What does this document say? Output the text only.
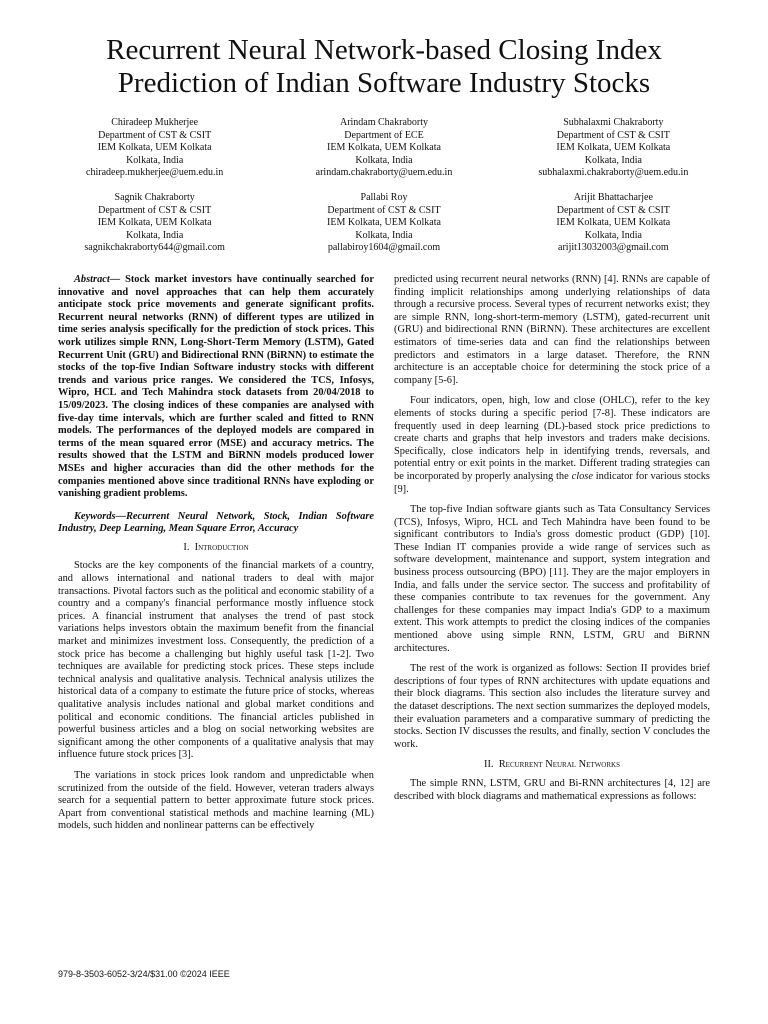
Recurrent Neural Network-based Closing Index
Prediction of Indian Software Industry Stocks
Chiradeep Mukherjee
Department of CST & CSIT
IEM Kolkata, UEM Kolkata
Kolkata, India
chiradeep.mukherjee@uem.edu.in
Arindam Chakraborty
Department of ECE
IEM Kolkata, UEM Kolkata
Kolkata, India
arindam.chakraborty@uem.edu.in
Subhalaxmi Chakraborty
Department of CST & CSIT
IEM Kolkata, UEM Kolkata
Kolkata, India
subhalaxmi.chakraborty@uem.edu.in
Sagnik Chakraborty
Department of CST & CSIT
IEM Kolkata, UEM Kolkata
Kolkata, India
sagnikchakraborty644@gmail.com
Pallabi Roy
Department of CST & CSIT
IEM Kolkata, UEM Kolkata
Kolkata, India
pallabiroy1604@gmail.com
Arijit Bhattacharjee
Department of CST & CSIT
IEM Kolkata, UEM Kolkata
Kolkata, India
arijit13032003@gmail.com

Abstract— Stock market investors have continually searched for innovative and novel approaches that can help them accurately anticipate stock price movements and generate significant profits. Recurrent neural networks (RNN) of different types are utilized in time series analysis specifically for the prediction of stock prices. This work utilizes simple RNN, Long-Short-Term Memory (LSTM), Gated Recurrent Unit (GRU) and Bidirectional RNN (BiRNN) to estimate the stocks of the top-five Indian Software industry stocks with different trends and various price ranges. We considered the TCS, Infosys, Wipro, HCL and Tech Mahindra stock datasets from 20/04/2018 to 15/09/2023. The closing indices of these companies are analysed with five-day time intervals, which are further scaled and fitted to RNN models. The performances of the deployed models are compared in terms of the mean squared error (MSE) and accuracy metrics. The results showed that the LSTM and BiRNN models produced lower MSEs and higher accuracies than did the other methods for the companies mentioned above since traditional RNNs have exploding or vanishing gradient problems.

Keywords—Recurrent Neural Network, Stock, Indian Software Industry, Deep Learning, Mean Square Error, Accuracy

I. Introduction

Stocks are the key components of the financial markets of a country, and allows international and national traders to deal with major transactions. Pivotal factors such as the political and economic stability of a country and a company's financial performance mostly influence stock prices. A financial instrument that analyses the trend of past stock variations helps investors obtain the maximum benefit from the financial market and minimizes investment loss. Consequently, the prediction of a stock price has become a challenging but highly useful task [1-2]. Two techniques are available for predicting stock prices. These steps include technical analysis and qualitative analysis. Technical analysis utilizes the historical data of a company to estimate the future price of stocks, whereas qualitative analysis includes national and global market conditions and political and economic conditions. The financial articles published in powerful business articles and a blog on social networking websites are significant among the other components of a qualitative analysis that may influence future stock prices [3].

The variations in stock prices look random and unpredictable when scrutinized from the outside of the field. However, veteran traders always search for a sequential pattern to better approximate future stock prices. Apart from conventional statistical methods and machine learning (ML) models, such hidden and nonlinear patterns can be effectively

predicted using recurrent neural networks (RNN) [4]. RNNs are capable of finding implicit relationships among underlying relationships of data through a recursive process. Several types of recurrent networks exist; they are simple RNN, long-short-term-memory (LSTM), gated-recurrent unit (GRU) and bidirectional RNN (BiRNN). These architectures are excellent estimators of time-series data and can find the relationships between predictors and estimators in a large dataset. Therefore, the RNN architecture is an acceptable choice for determining the stock price of a company [5-6].

Four indicators, open, high, low and close (OHLC), refer to the key elements of stocks during a specific period [7-8]. These indicators are frequently used in deep learning (DL)-based stock price predictions to create charts and graphs that help investors and traders make decisions. Specifically, close indicators help in identifying trends, reversals, and potential entry or exit points in the market. Different trading strategies can be incorporated by properly analysing the close indicator for various stocks [9].

The top-five Indian software giants such as Tata Consultancy Services (TCS), Infosys, Wipro, HCL and Tech Mahindra have been found to be significant contributors to India's gross domestic product (GDP) [10]. These Indian IT companies provide a wide range of services such as software development, maintenance and support, system integration and business process outsourcing (BPO) [11]. They are the major employers in India, and falls under the service sector. The success and profitability of these companies contribute to tax revenues for the government. Any challenges for these companies may impact India's GDP to a maximum extent. This work attempts to predict the closing indices of the companies mentioned above using simple RNN, LSTM, GRU and BiRNN architectures.

The rest of the work is organized as follows: Section II provides brief descriptions of four types of RNN architectures with update equations and their block diagrams. This section also includes the literature survey and the dataset descriptions. The next section summarizes the deployed models, their evaluation parameters and a comparative summary of predicting the stocks. Section IV discusses the results, and finally, section V concludes the work.

II. Recurrent Neural Networks

The simple RNN, LSTM, GRU and Bi-RNN architectures [4, 12] are described with block diagrams and mathematical expressions as follows:

979-8-3503-6052-3/24/$31.00 ©2024 IEEE
